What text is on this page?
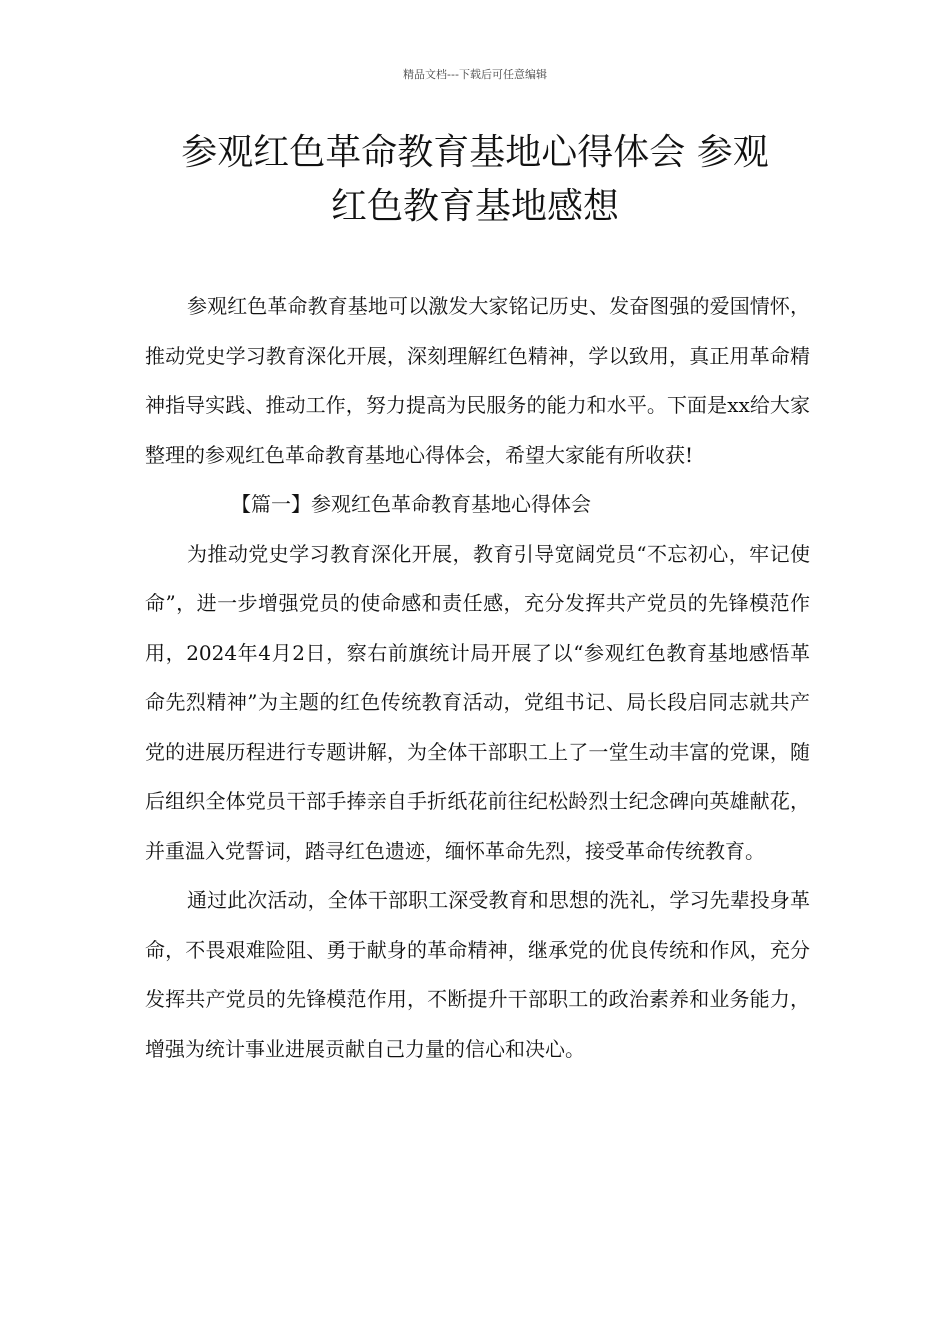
精品文档---下载后可任意编辑
参观红色革命教育基地心得体会 参观
红色教育基地感想

参观红色革命教育基地可以激发大家铭记历史、发奋图强的爱国情怀，推动党史学习教育深化开展，深刻理解红色精神，学以致用，真正用革命精神指导实践、推动工作，努力提高为民服务的能力和水平。下面是xx给大家整理的参观红色革命教育基地心得体会，希望大家能有所收获!

【篇一】参观红色革命教育基地心得体会

为推动党史学习教育深化开展，教育引导宽阔党员“不忘初心，牢记使命”，进一步增强党员的使命感和责任感，充分发挥共产党员的先锋模范作用，2024年4月2日，察右前旗统计局开展了以“参观红色教育基地感悟革命先烈精神”为主题的红色传统教育活动，党组书记、局长段启同志就共产党的进展历程进行专题讲解，为全体干部职工上了一堂生动丰富的党课，随后组织全体党员干部手捧亲自手折纸花前往纪松龄烈士纪念碑向英雄献花，并重温入党誓词，踏寻红色遗迹，缅怀革命先烈，接受革命传统教育。

通过此次活动，全体干部职工深受教育和思想的洗礼，学习先辈投身革命，不畏艰难险阻、勇于献身的革命精神，继承党的优良传统和作风，充分发挥共产党员的先锋模范作用，不断提升干部职工的政治素养和业务能力，增强为统计事业进展贡献自己力量的信心和决心。
